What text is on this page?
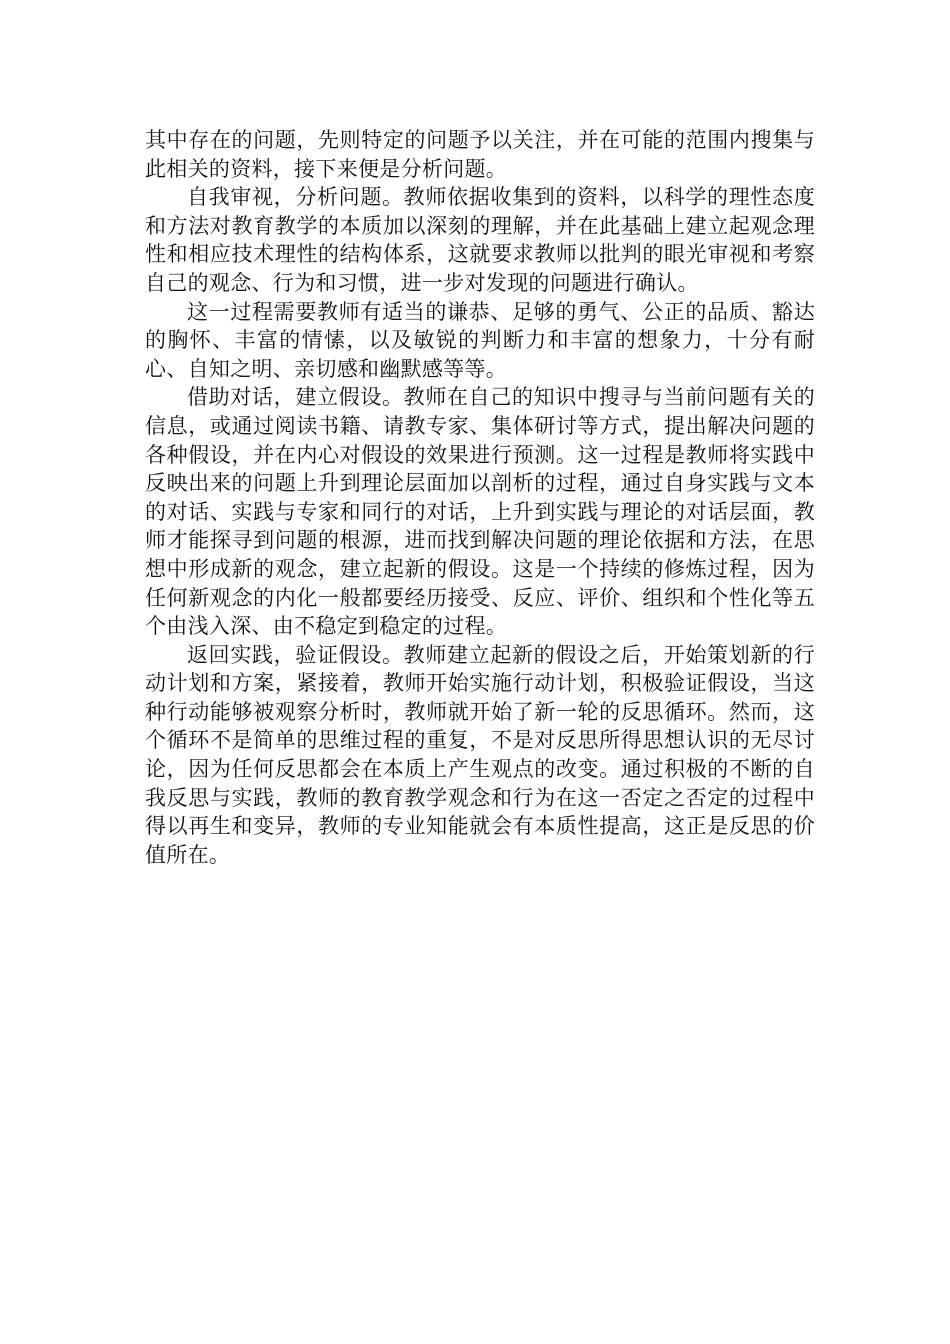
其中存在的问题，先则特定的问题予以关注，并在可能的范围内搜集与此相关的资料，接下来便是分析问题。

自我审视，分析问题。教师依据收集到的资料，以科学的理性态度和方法对教育教学的本质加以深刻的理解，并在此基础上建立起观念理性和相应技术理性的结构体系，这就要求教师以批判的眼光审视和考察自己的观念、行为和习惯，进一步对发现的问题进行确认。

这一过程需要教师有适当的谦恭、足够的勇气、公正的品质、豁达的胸怀、丰富的情愫，以及敏锐的判断力和丰富的想象力，十分有耐心、自知之明、亲切感和幽默感等等。

借助对话，建立假设。教师在自己的知识中搜寻与当前问题有关的信息，或通过阅读书籍、请教专家、集体研讨等方式，提出解决问题的各种假设，并在内心对假设的效果进行预测。这一过程是教师将实践中反映出来的问题上升到理论层面加以剖析的过程，通过自身实践与文本的对话、实践与专家和同行的对话，上升到实践与理论的对话层面，教师才能探寻到问题的根源，进而找到解决问题的理论依据和方法，在思想中形成新的观念，建立起新的假设。这是一个持续的修炼过程，因为任何新观念的内化一般都要经历接受、反应、评价、组织和个性化等五个由浅入深、由不稳定到稳定的过程。

返回实践，验证假设。教师建立起新的假设之后，开始策划新的行动计划和方案，紧接着，教师开始实施行动计划，积极验证假设，当这种行动能够被观察分析时，教师就开始了新一轮的反思循环。然而，这个循环不是简单的思维过程的重复，不是对反思所得思想认识的无尽讨论，因为任何反思都会在本质上产生观点的改变。通过积极的不断的自我反思与实践，教师的教育教学观念和行为在这一否定之否定的过程中得以再生和变异，教师的专业知能就会有本质性提高，这正是反思的价值所在。
